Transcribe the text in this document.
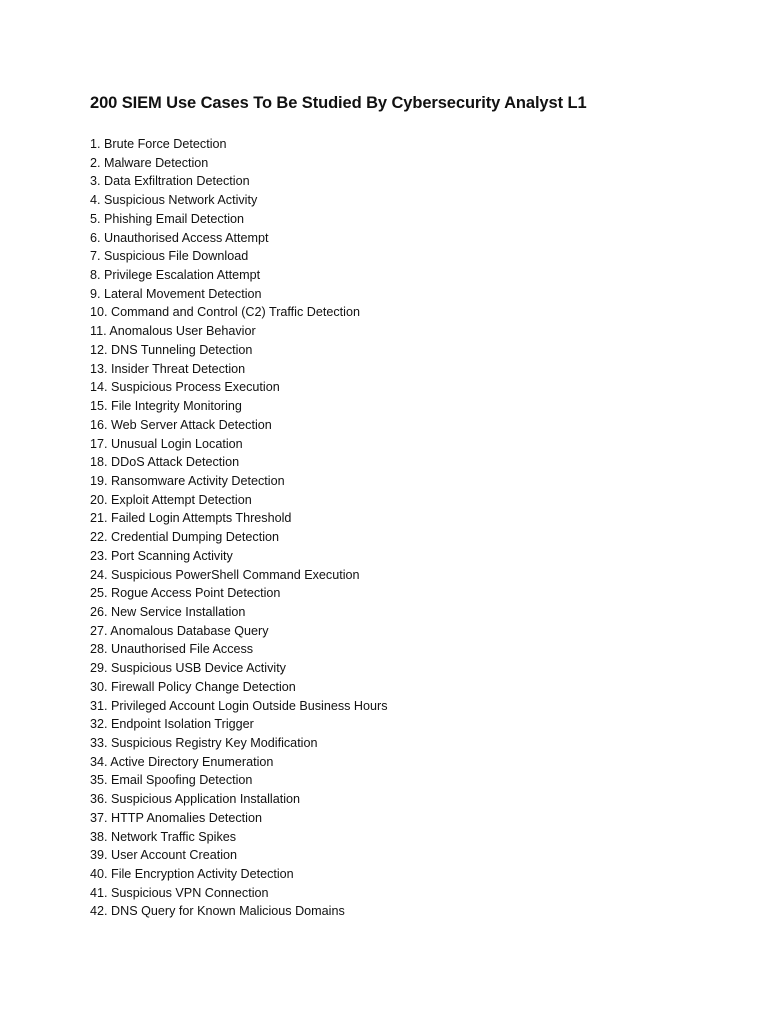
200 SIEM Use Cases To Be Studied By Cybersecurity Analyst L1
1. Brute Force Detection
2. Malware Detection
3. Data Exfiltration Detection
4. Suspicious Network Activity
5. Phishing Email Detection
6. Unauthorised Access Attempt
7. Suspicious File Download
8. Privilege Escalation Attempt
9. Lateral Movement Detection
10. Command and Control (C2) Traffic Detection
11. Anomalous User Behavior
12. DNS Tunneling Detection
13. Insider Threat Detection
14. Suspicious Process Execution
15. File Integrity Monitoring
16. Web Server Attack Detection
17. Unusual Login Location
18. DDoS Attack Detection
19. Ransomware Activity Detection
20. Exploit Attempt Detection
21. Failed Login Attempts Threshold
22. Credential Dumping Detection
23. Port Scanning Activity
24. Suspicious PowerShell Command Execution
25. Rogue Access Point Detection
26. New Service Installation
27. Anomalous Database Query
28. Unauthorised File Access
29. Suspicious USB Device Activity
30. Firewall Policy Change Detection
31. Privileged Account Login Outside Business Hours
32. Endpoint Isolation Trigger
33. Suspicious Registry Key Modification
34. Active Directory Enumeration
35. Email Spoofing Detection
36. Suspicious Application Installation
37. HTTP Anomalies Detection
38. Network Traffic Spikes
39. User Account Creation
40. File Encryption Activity Detection
41. Suspicious VPN Connection
42. DNS Query for Known Malicious Domains
